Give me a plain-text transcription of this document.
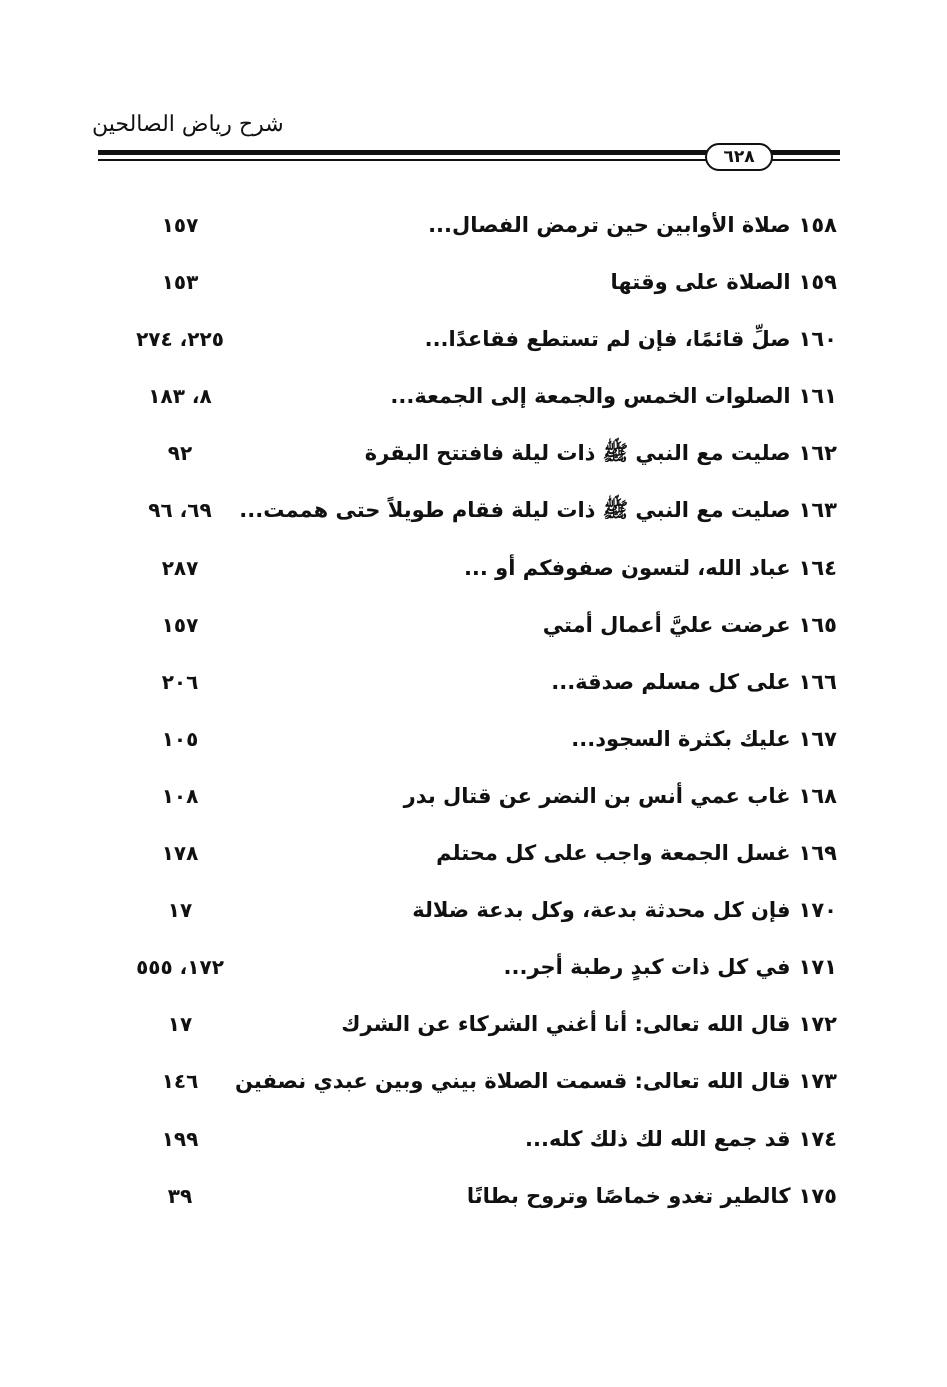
شرح رياض الصالحين
٦٢٨
١٥٨صلاة الأوابين حين ترمض الفصال...
١٥٧
١٥٩الصلاة على وقتها
١٥٣
١٦٠صلِّ قائمًا، فإن لم تستطع فقاعدًا...
٢٢٥، ٢٧٤
١٦١الصلوات الخمس والجمعة إلى الجمعة...
٨، ١٨٣
١٦٢صليت مع النبي ﷺ ذات ليلة فافتتح البقرة
٩٢
١٦٣صليت مع النبي ﷺ ذات ليلة فقام طويلاً حتى هممت...
٦٩، ٩٦
١٦٤عباد الله، لتسون صفوفكم أو ...
٢٨٧
١٦٥عرضت عليَّ أعمال أمتي
١٥٧
١٦٦على كل مسلم صدقة...
٢٠٦
١٦٧عليك بكثرة السجود...
١٠٥
١٦٨غاب عمي أنس بن النضر عن قتال بدر
١٠٨
١٦٩غسل الجمعة واجب على كل محتلم
١٧٨
١٧٠فإن كل محدثة بدعة، وكل بدعة ضلالة
١٧
١٧١في كل ذات كبدٍ رطبة أجر...
١٧٢، ٥٥٥
١٧٢قال الله تعالى: أنا أغني الشركاء عن الشرك
١٧
١٧٣قال الله تعالى: قسمت الصلاة بيني وبين عبدي نصفين
١٤٦
١٧٤قد جمع الله لك ذلك كله...
١٩٩
١٧٥كالطير تغدو خماصًا وتروح بطانًا
٣٩
